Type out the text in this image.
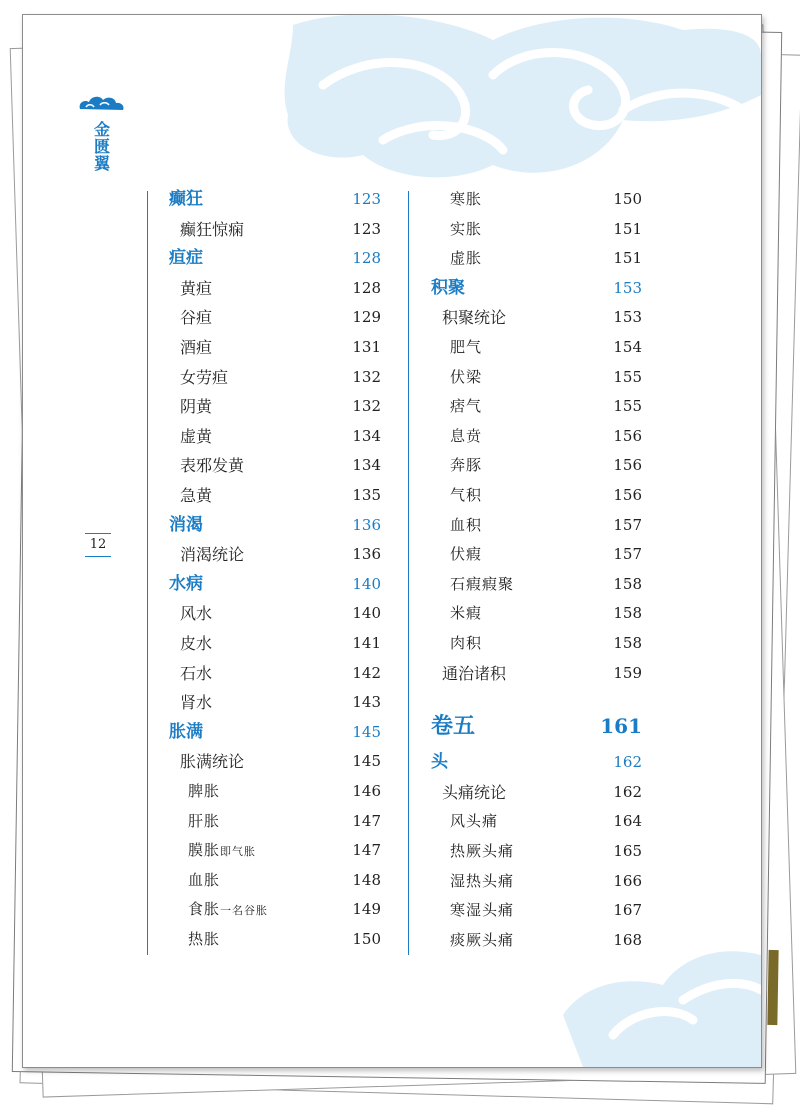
金匮翼
12
癫狂	123
癫狂惊痫	123
疸症	128
黄疸	128
谷疸	129
酒疸	131
女劳疸	132
阴黄	132
虚黄	134
表邪发黄	134
急黄	135
消渴	136
消渴统论	136
水病	140
风水	140
皮水	141
石水	142
肾水	143
胀满	145
胀满统论	145
脾胀	146
肝胀	147
膜胀即气胀	147
血胀	148
食胀一名谷胀	149
热胀	150
寒胀	150
实胀	151
虚胀	151
积聚	153
积聚统论	153
肥气	154
伏梁	155
痞气	155
息贲	156
奔豚	156
气积	156
血积	157
伏瘕	157
石瘕瘕聚	158
米瘕	158
肉积	158
通治诸积	159
卷五	161
头	162
头痛统论	162
风头痛	164
热厥头痛	165
湿热头痛	166
寒湿头痛	167
痰厥头痛	168
